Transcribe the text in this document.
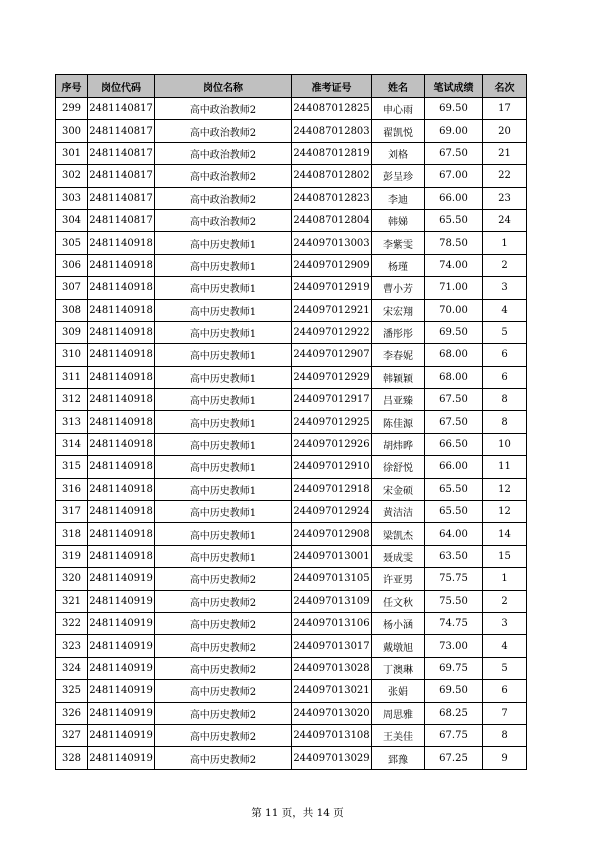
序号	岗位代码	岗位名称	准考证号	姓名	笔试成绩	名次
299	2481140817	高中政治教师2	244087012825	申心雨	69.50	17
300	2481140817	高中政治教师2	244087012803	翟凯悦	69.00	20
301	2481140817	高中政治教师2	244087012819	刘格	67.50	21
302	2481140817	高中政治教师2	244087012802	彭呈珍	67.00	22
303	2481140817	高中政治教师2	244087012823	李迪	66.00	23
304	2481140817	高中政治教师2	244087012804	韩娣	65.50	24
305	2481140918	高中历史教师1	244097013003	李紫雯	78.50	1
306	2481140918	高中历史教师1	244097012909	杨瑾	74.00	2
307	2481140918	高中历史教师1	244097012919	曹小芳	71.00	3
308	2481140918	高中历史教师1	244097012921	宋宏翔	70.00	4
309	2481140918	高中历史教师1	244097012922	潘彤彤	69.50	5
310	2481140918	高中历史教师1	244097012907	李春妮	68.00	6
311	2481140918	高中历史教师1	244097012929	韩颖颖	68.00	6
312	2481140918	高中历史教师1	244097012917	吕亚臻	67.50	8
313	2481140918	高中历史教师1	244097012925	陈佳源	67.50	8
314	2481140918	高中历史教师1	244097012926	胡炜晔	66.50	10
315	2481140918	高中历史教师1	244097012910	徐舒悦	66.00	11
316	2481140918	高中历史教师1	244097012918	宋金硕	65.50	12
317	2481140918	高中历史教师1	244097012924	黄洁洁	65.50	12
318	2481140918	高中历史教师1	244097012908	梁凯杰	64.00	14
319	2481140918	高中历史教师1	244097013001	聂成雯	63.50	15
320	2481140919	高中历史教师2	244097013105	许亚男	75.75	1
321	2481140919	高中历史教师2	244097013109	任文秋	75.50	2
322	2481140919	高中历史教师2	244097013106	杨小涵	74.75	3
323	2481140919	高中历史教师2	244097013017	戴墩旭	73.00	4
324	2481140919	高中历史教师2	244097013028	丁澳琳	69.75	5
325	2481140919	高中历史教师2	244097013021	张娟	69.50	6
326	2481140919	高中历史教师2	244097013020	周思雅	68.25	7
327	2481140919	高中历史教师2	244097013108	王美佳	67.75	8
328	2481140919	高中历史教师2	244097013029	郅豫	67.25	9
第 11 页，共 14 页
